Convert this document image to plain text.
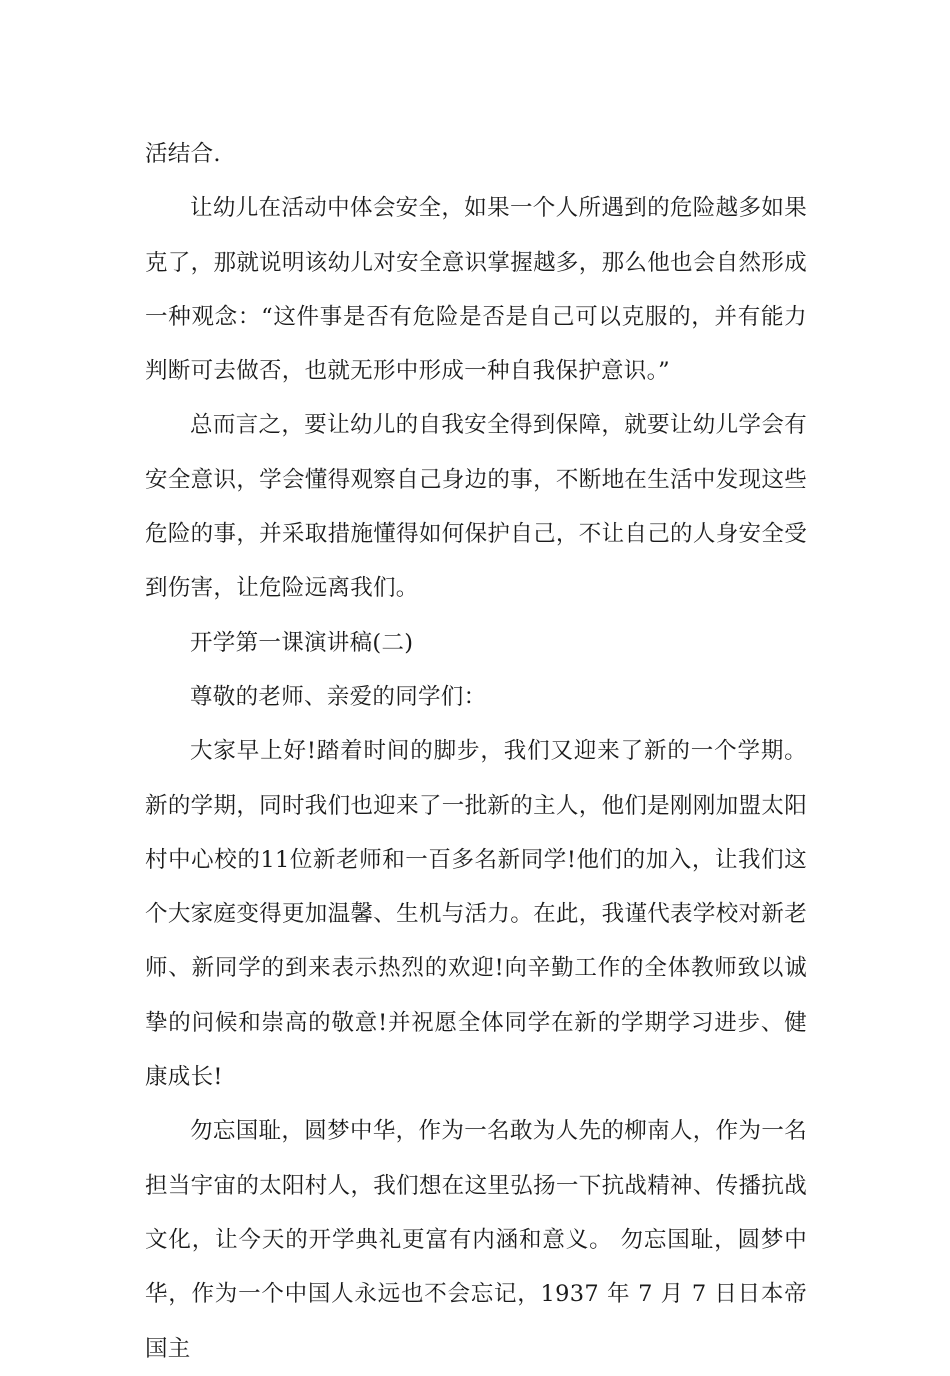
活结合.

让幼儿在活动中体会安全，如果一个人所遇到的危险越多如果克了，那就说明该幼儿对安全意识掌握越多，那么他也会自然形成一种观念：“这件事是否有危险是否是自己可以克服的，并有能力判断可去做否，也就无形中形成一种自我保护意识。”

总而言之，要让幼儿的自我安全得到保障，就要让幼儿学会有安全意识，学会懂得观察自己身边的事，不断地在生活中发现这些危险的事，并采取措施懂得如何保护自己，不让自己的人身安全受到伤害，让危险远离我们。

开学第一课演讲稿(二)

尊敬的老师、亲爱的同学们：

大家早上好!踏着时间的脚步，我们又迎来了新的一个学期。新的学期，同时我们也迎来了一批新的主人，他们是刚刚加盟太阳村中心校的11位新老师和一百多名新同学!他们的加入，让我们这个大家庭变得更加温馨、生机与活力。在此，我谨代表学校对新老师、新同学的到来表示热烈的欢迎!向辛勤工作的全体教师致以诚挚的问候和崇高的敬意!并祝愿全体同学在新的学期学习进步、健康成长!

勿忘国耻，圆梦中华，作为一名敢为人先的柳南人，作为一名担当宇宙的太阳村人，我们想在这里弘扬一下抗战精神、传播抗战文化，让今天的开学典礼更富有内涵和意义。 勿忘国耻，圆梦中华，作为一个中国人永远也不会忘记，1937 年 7 月 7 日日本帝国主
